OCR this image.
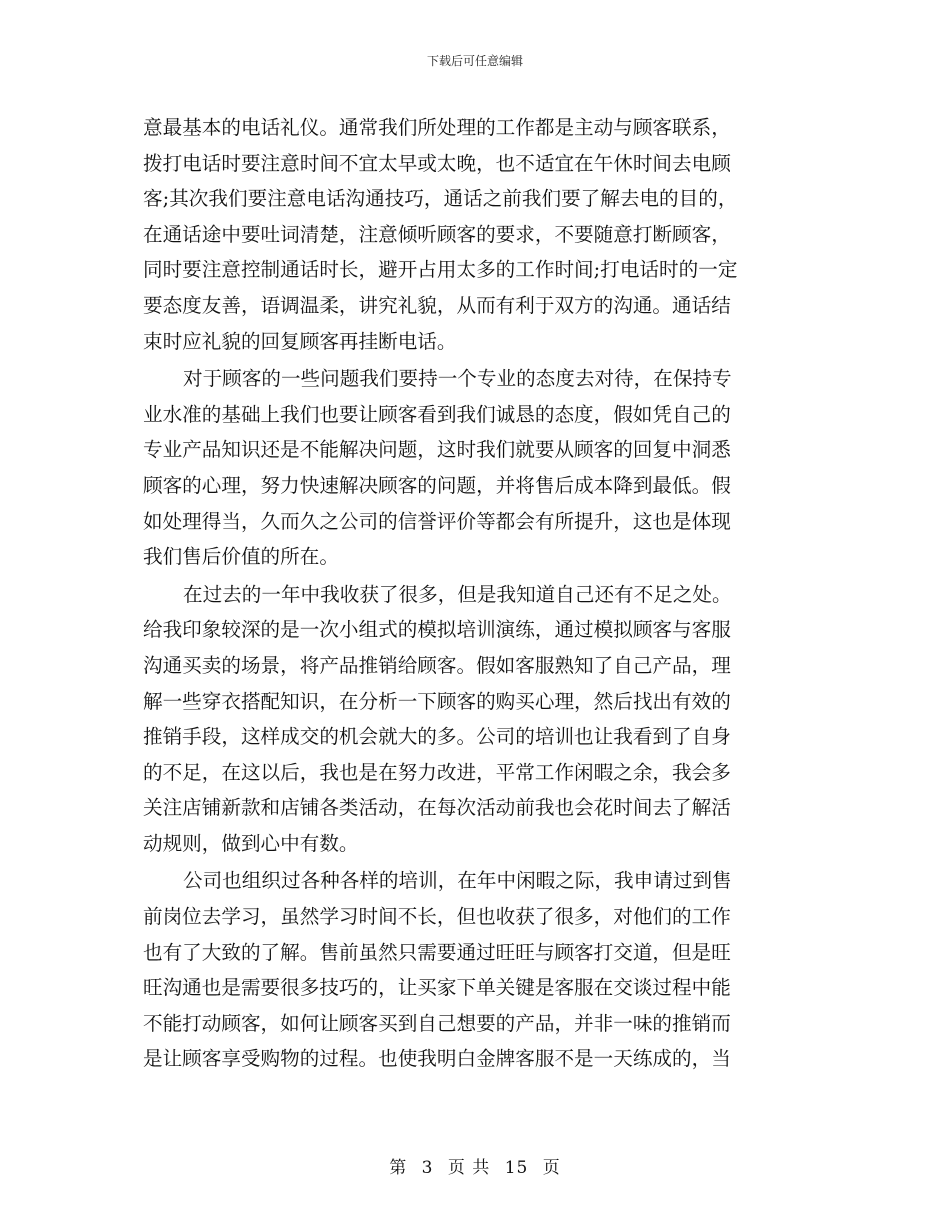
下载后可任意编辑
意最基本的电话礼仪。通常我们所处理的工作都是主动与顾客联系，
拨打电话时要注意时间不宜太早或太晚，也不适宜在午休时间去电顾
客;其次我们要注意电话沟通技巧，通话之前我们要了解去电的目的，
在通话途中要吐词清楚，注意倾听顾客的要求，不要随意打断顾客，
同时要注意控制通话时长，避开占用太多的工作时间;打电话时的一定
要态度友善，语调温柔，讲究礼貌，从而有利于双方的沟通。通话结
束时应礼貌的回复顾客再挂断电话。
对于顾客的一些问题我们要持一个专业的态度去对待，在保持专
业水准的基础上我们也要让顾客看到我们诚恳的态度，假如凭自己的
专业产品知识还是不能解决问题，这时我们就要从顾客的回复中洞悉
顾客的心理，努力快速解决顾客的问题，并将售后成本降到最低。假
如处理得当，久而久之公司的信誉评价等都会有所提升，这也是体现
我们售后价值的所在。
在过去的一年中我收获了很多，但是我知道自己还有不足之处。
给我印象较深的是一次小组式的模拟培训演练，通过模拟顾客与客服
沟通买卖的场景，将产品推销给顾客。假如客服熟知了自己产品，理
解一些穿衣搭配知识，在分析一下顾客的购买心理，然后找出有效的
推销手段，这样成交的机会就大的多。公司的培训也让我看到了自身
的不足，在这以后，我也是在努力改进，平常工作闲暇之余，我会多
关注店铺新款和店铺各类活动，在每次活动前我也会花时间去了解活
动规则，做到心中有数。
公司也组织过各种各样的培训，在年中闲暇之际，我申请过到售
前岗位去学习，虽然学习时间不长，但也收获了很多，对他们的工作
也有了大致的了解。售前虽然只需要通过旺旺与顾客打交道，但是旺
旺沟通也是需要很多技巧的，让买家下单关键是客服在交谈过程中能
不能打动顾客，如何让顾客买到自己想要的产品，并非一味的推销而
是让顾客享受购物的过程。也使我明白金牌客服不是一天练成的，当
第 3 页 共 15 页
